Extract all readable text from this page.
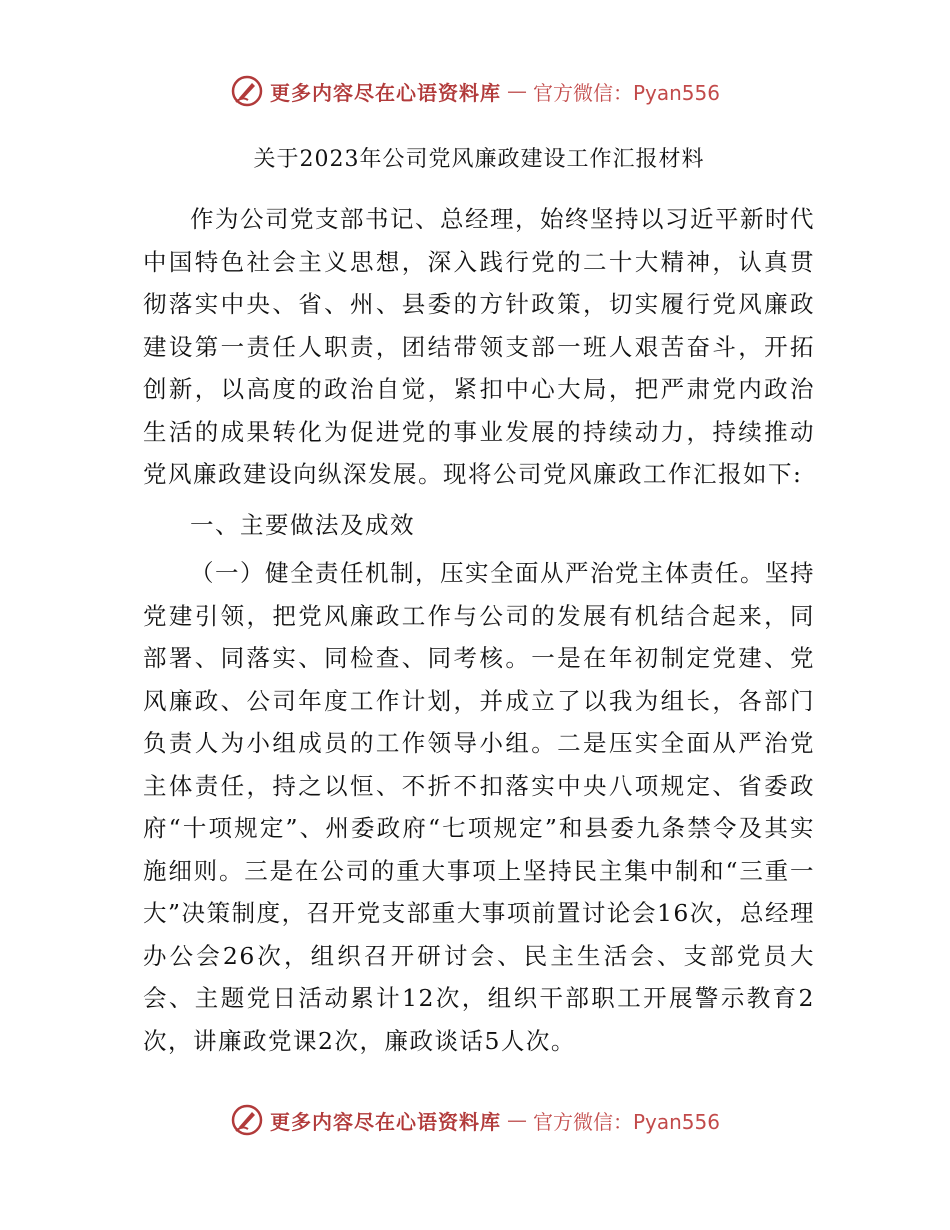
更多内容尽在心语资料库 — 官方微信：Pyan556

关于2023年公司党风廉政建设工作汇报材料

作为公司党支部书记、总经理，始终坚持以习近平新时代中国特色社会主义思想，深入践行党的二十大精神，认真贯彻落实中央、省、州、县委的方针政策，切实履行党风廉政建设第一责任人职责，团结带领支部一班人艰苦奋斗，开拓创新，以高度的政治自觉，紧扣中心大局，把严肃党内政治生活的成果转化为促进党的事业发展的持续动力，持续推动党风廉政建设向纵深发展。现将公司党风廉政工作汇报如下:

一、主要做法及成效

（一）健全责任机制，压实全面从严治党主体责任。坚持党建引领，把党风廉政工作与公司的发展有机结合起来，同部署、同落实、同检查、同考核。一是在年初制定党建、党风廉政、公司年度工作计划，并成立了以我为组长，各部门负责人为小组成员的工作领导小组。二是压实全面从严治党主体责任，持之以恒、不折不扣落实中央八项规定、省委政府“十项规定”、州委政府“七项规定”和县委九条禁令及其实施细则。三是在公司的重大事项上坚持民主集中制和“三重一大”决策制度，召开党支部重大事项前置讨论会16次，总经理办公会26次，组织召开研讨会、民主生活会、支部党员大会、主题党日活动累计12次，组织干部职工开展警示教育2次，讲廉政党课2次，廉政谈话5人次。

更多内容尽在心语资料库 — 官方微信：Pyan556
